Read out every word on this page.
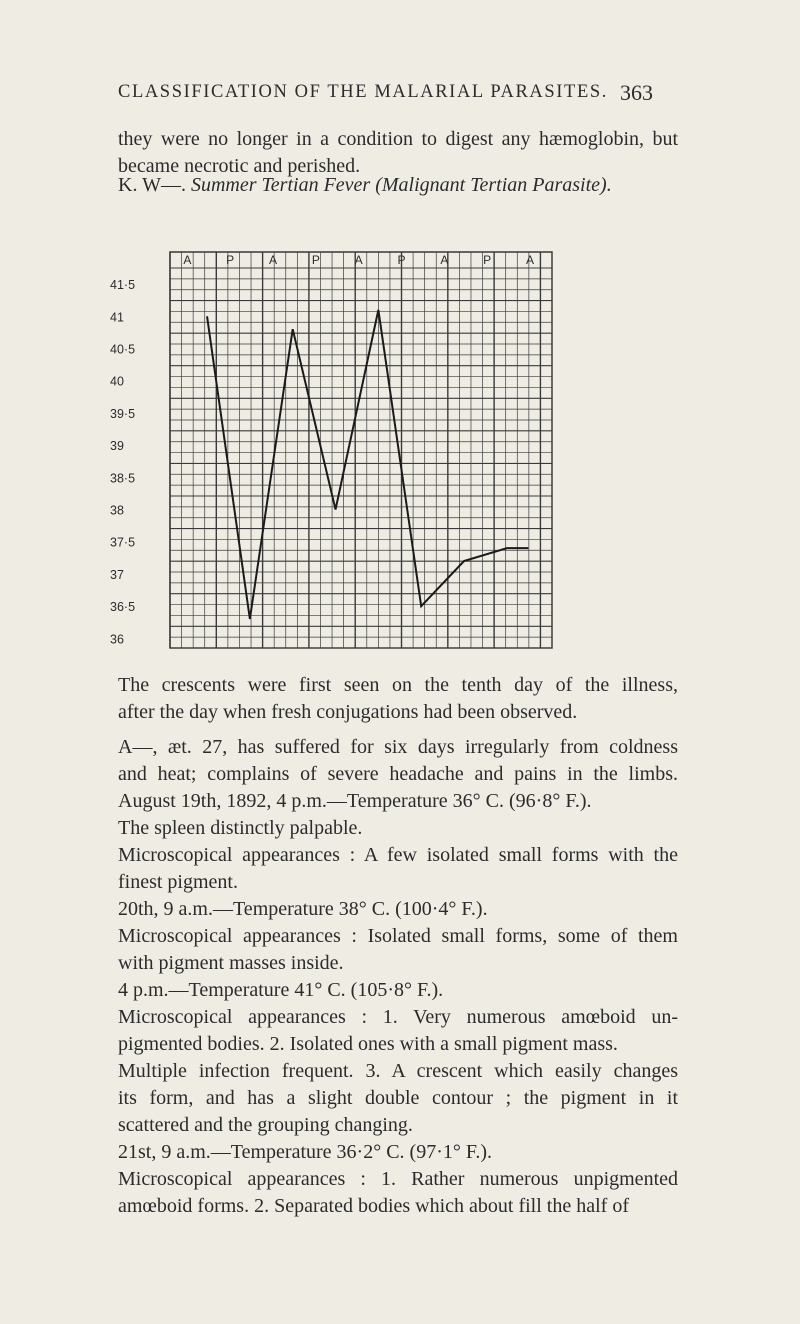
CLASSIFICATION OF THE MALARIAL PARASITES. 363
they were no longer in a condition to digest any hæmoglobin, but
became necrotic and perished.
K. W—. Summer Tertian Fever (Malignant Tertian Parasite).
A	P	A	P	A	P	A	P	A
41·5
41
40·5
40
39·5
39
38·5
38
37·5
37
36·5
36
The crescents were first seen on the tenth day of the illness,
after the day when fresh conjugations had been observed.

A—, æt. 27, has suffered for six days irregularly from coldness
and heat; complains of severe headache and pains in the limbs.
August 19th, 1892, 4 p.m.—Temperature 36° C. (96·8° F.).
The spleen distinctly palpable.
Microscopical appearances : A few isolated small forms with the
finest pigment.
20th, 9 a.m.—Temperature 38° C. (100·4° F.).
Microscopical appearances : Isolated small forms, some of them
with pigment masses inside.
4 p.m.—Temperature 41° C. (105·8° F.).
Microscopical appearances : 1. Very numerous amœboid un-
pigmented bodies. 2. Isolated ones with a small pigment mass.
Multiple infection frequent. 3. A crescent which easily changes
its form, and has a slight double contour ; the pigment in it
scattered and the grouping changing.
21st, 9 a.m.—Temperature 36·2° C. (97·1° F.).
Microscopical appearances : 1. Rather numerous unpigmented
amœboid forms. 2. Separated bodies which about fill the half of
